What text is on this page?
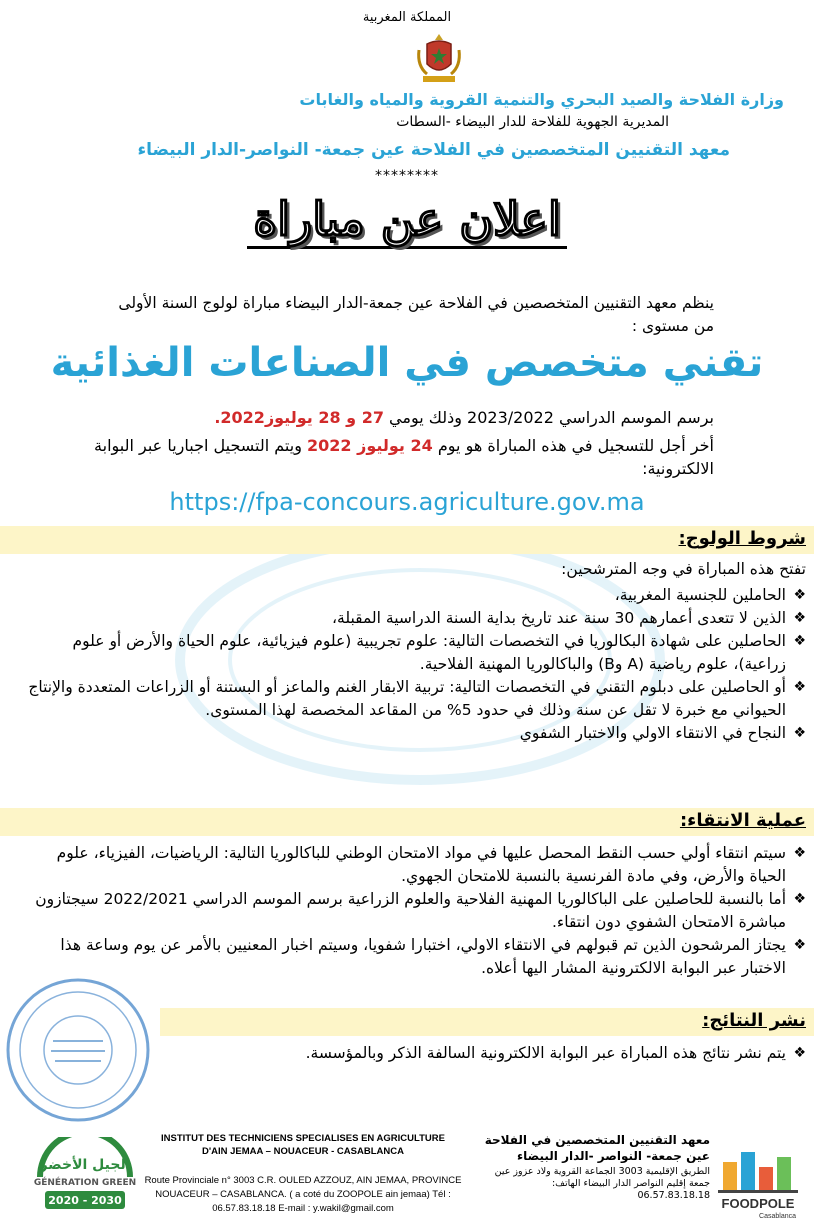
المملكة المغربية
وزارة الفلاحة والصيد البحري والتنمية القروية والمياه والغابات
المديرية الجهوية للفلاحة للدار البيضاء -السطات
معهد التقنيين المتخصصين في الفلاحة عين جمعة- النواصر-الدار البيضاء
********
اعلان عن مباراة
ينظم معهد التقنيين المتخصصين في الفلاحة عين جمعة-الدار البيضاء مباراة لولوج السنة الأولى من مستوى :
تقني متخصص في الصناعات الغذائية
برسم الموسم الدراسي 2023/2022 وذلك يومي 27 و 28 يوليوز2022.
أخر أجل للتسجيل في هذه المباراة هو يوم 24 يوليوز 2022 ويتم التسجيل اجباريا عبر البوابة الالكترونية:
https://fpa-concours.agriculture.gov.ma
شروط الولوج:
تفتح هذه المباراة في وجه المترشحين:
❖
الحاملين للجنسية المغربية،
❖
الذين لا تتعدى أعمارهم 30 سنة عند تاريخ بداية السنة الدراسية المقبلة،
❖
الحاصلين على شهادة البكالوريا في التخصصات التالية: علوم تجريبية (علوم فيزيائية، علوم الحياة والأرض أو علوم زراعية)، علوم رياضية (A وB) والباكالوريا المهنية الفلاحية.
❖
أو الحاصلين على دبلوم التقني في التخصصات التالية: تربية الابقار الغنم والماعز أو البستنة أو الزراعات المتعددة والإنتاج الحيواني مع خبرة لا تقل عن سنة وذلك في حدود 5% من المقاعد المخصصة لهذا المستوى.
❖
النجاح في الانتقاء الاولي والاختبار الشفوي
عملية الانتقاء:
❖
سيتم انتقاء أولي حسب النقط المحصل عليها في مواد الامتحان الوطني للباكالوريا التالية: الرياضيات، الفيزياء، علوم الحياة والأرض، وفي مادة الفرنسية بالنسبة للامتحان الجهوي.
❖
أما بالنسبة للحاصلين على الباكالوريا المهنية الفلاحية والعلوم الزراعية برسم الموسم الدراسي 2022/2021 سيجتازون مباشرة الامتحان الشفوي دون انتقاء.
❖
يجتاز المرشحون الذين تم قبولهم في الانتقاء الاولي، اختبارا شفويا، وسيتم اخبار المعنيين بالأمر عن يوم وساعة هذا الاختبار عبر البوابة الالكترونية المشار اليها أعلاه.
نشر النتائج:
❖
يتم نشر نتائج هذه المباراة عبر البوابة الالكترونية السالفة الذكر وبالمؤسسة.
الجيل الأخضر
GÉNÉRATION GREEN
2020 - 2030
INSTITUT DES TECHNICIENS SPECIALISES EN AGRICULTURE
D'AIN JEMAA – NOUACEUR - CASABLANCA
Route Provinciale n° 3003 C.R. OULED AZZOUZ, AIN JEMAA, PROVINCE NOUACEUR – CASABLANCA. ( a coté du ZOOPOLE ain jemaa) Tél : 06.57.83.18.18 E-mail : y.wakil@gmail.com
معهد التقنيين المتخصصين في الفلاحة
عين جمعة- النواصر -الدار البيضاء
الطريق الإقليمية 3003 الجماعة القروية ولاد عزوز عين جمعة إقليم النواصر الدار البيضاء الهاتف: 06.57.83.18.18
FOODPOLE
Casablanca
